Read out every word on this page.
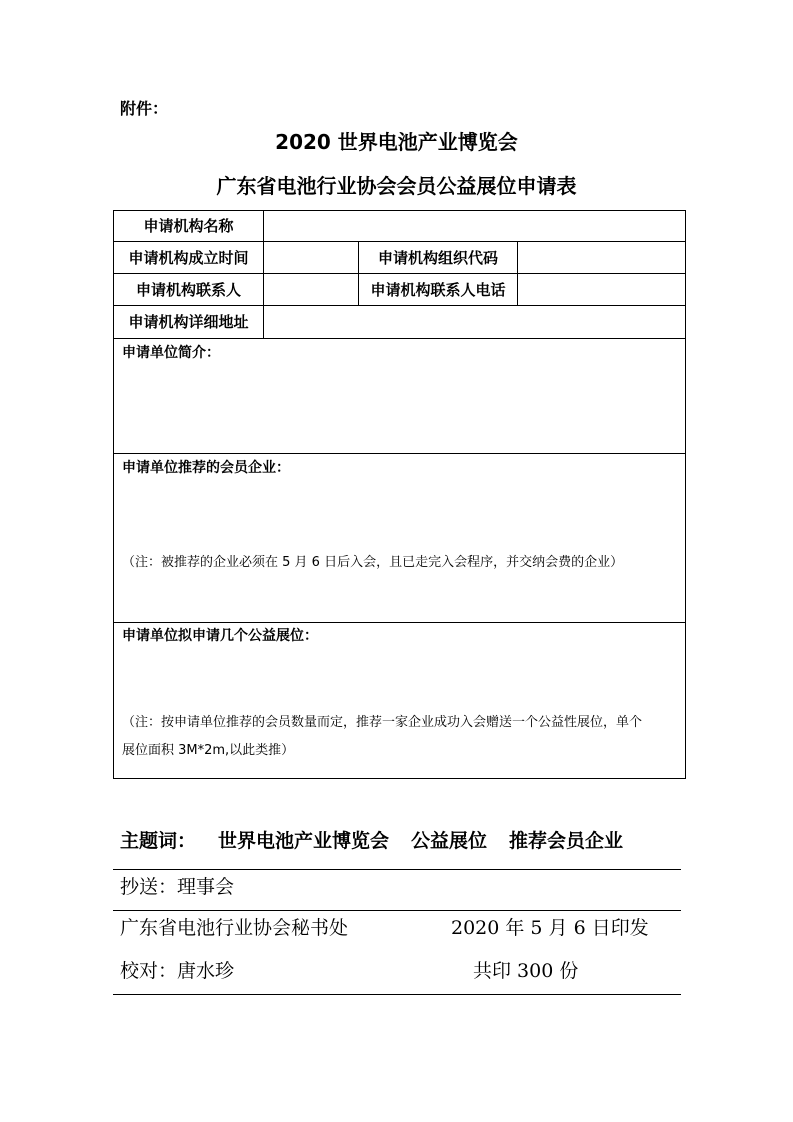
附件：
2020 世界电池产业博览会
广东省电池行业协会会员公益展位申请表
申请机构名称
申请机构成立时间	申请机构组织代码
申请机构联系人	申请机构联系人电话
申请机构详细地址
申请单位简介：
申请单位推荐的会员企业：
（注：被推荐的企业必须在 5 月 6 日后入会，且已走完入会程序，并交纳会费的企业）
申请单位拟申请几个公益展位：
（注：按申请单位推荐的会员数量而定，推荐一家企业成功入会赠送一个公益性展位，单个
展位面积 3M*2m,以此类推）
主题词： 世界电池产业博览会 公益展位 推荐会员企业
抄送：理事会
广东省电池行业协会秘书处	2020 年 5 月 6 日印发
校对：唐水珍	共印 300 份
